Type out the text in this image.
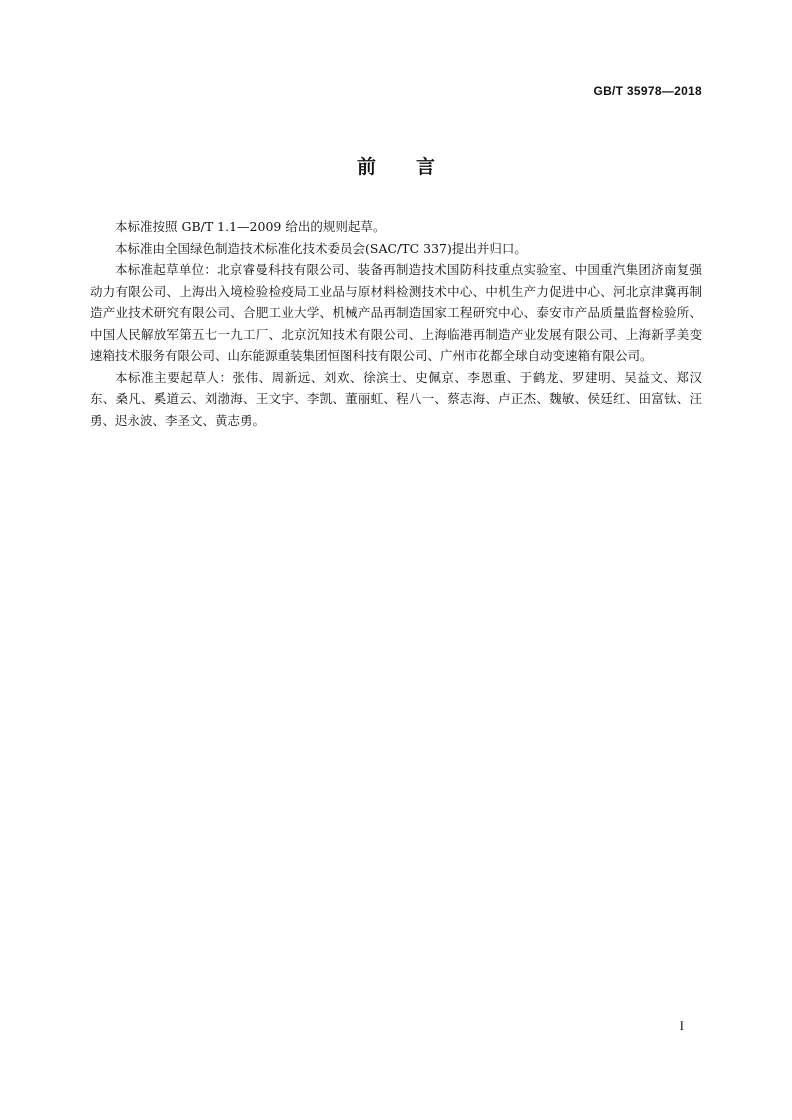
GB/T 35978—2018
前言

本标准按照 GB/T 1.1—2009 给出的规则起草。

本标准由全国绿色制造技术标准化技术委员会(SAC/TC 337)提出并归口。

本标准起草单位：北京睿曼科技有限公司、装备再制造技术国防科技重点实验室、中国重汽集团济南复强动力有限公司、上海出入境检验检疫局工业品与原材料检测技术中心、中机生产力促进中心、河北京津冀再制造产业技术研究有限公司、合肥工业大学、机械产品再制造国家工程研究中心、泰安市产品质量监督检验所、中国人民解放军第五七一九工厂、北京沉知技术有限公司、上海临港再制造产业发展有限公司、上海新孚美变速箱技术服务有限公司、山东能源重装集团恒图科技有限公司、广州市花都全球自动变速箱有限公司。

本标准主要起草人：张伟、周新远、刘欢、徐滨士、史佩京、李恩重、于鹤龙、罗建明、吴益文、郑汉东、桑凡、奚道云、刘渤海、王文宇、李凯、董丽虹、程八一、蔡志海、卢正杰、魏敏、侯廷红、田富钛、汪勇、迟永波、李圣文、黄志勇。

I
